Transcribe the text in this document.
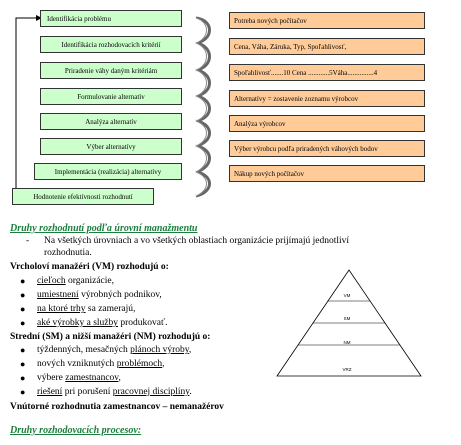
Identifikácia problému
Identifikácia rozhodovacích kritérií
Priradenie váhy daným kritériám
Formulovanie alternatív
Analýza alternatív
Výber alternatívy
Implementácia (realizácia) alternatívy
Hodnotenie efektívnosti rozhodnutí
Potreba nových počítačov
Cena, Váha, Záruka, Typ, Spoľahlivosť,
Spoľahlivosť.......10 Cena ............5Váha...............4
Alternatívy = zostavenie zoznamu výrobcov
Analýza výrobcov
Výber výrobcu podľa priradených váhových bodov
Nákup nových počítačov
Druhy rozhodnutí podľa úrovní manažmentu
- Na všetkých úrovniach a vo všetkých oblastiach organizácie prijímajú jednotliví
rozhodnutia.
Vrcholoví manažéri (VM) rozhodujú o:
● cieľoch organizácie,
● umiestnení výrobných podnikov,
● na ktoré trhy sa zamerajú,
● aké výrobky a služby produkovať.
Strední (SM) a nižší manažéri (NM) rozhodujú o:
● týždenných, mesačných plánoch výroby,
● nových vzniknutých problémoch,
● výbere zamestnancov,
● riešení pri porušení pracovnej disciplíny.
Vnútorné rozhodnutia zamestnancov – nemanažérov
Druhy rozhodovacích procesov:
VM
SM
NM
VRZ
